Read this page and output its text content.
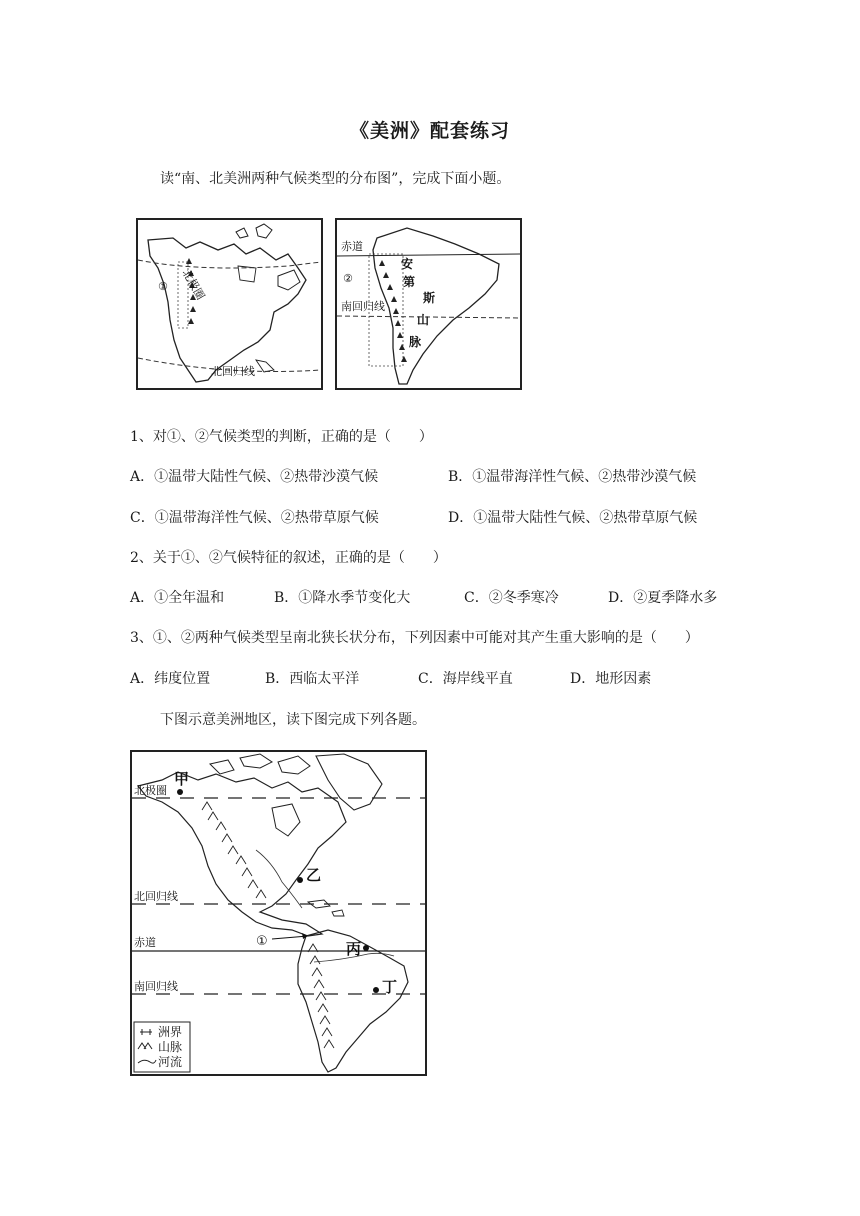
《美洲》配套练习
读“南、北美洲两种气候类型的分布图”，完成下面小题。
北极圈
北回归线
①
赤道
南回归线
②
安
第
斯
山
脉
1、对①、②气候类型的判断，正确的是（　　）
A．①温带大陆性气候、②热带沙漠气候	B．①温带海洋性气候、②热带沙漠气候
C．①温带海洋性气候、②热带草原气候	D．①温带大陆性气候、②热带草原气候
2、关于①、②气候特征的叙述，正确的是（　　）
A．①全年温和	B．①降水季节变化大	C．②冬季寒冷	D．②夏季降水多
3、①、②两种气候类型呈南北狭长状分布，下列因素中可能对其产生重大影响的是（　　）
A．纬度位置	B．西临太平洋	C．海岸线平直	D．地形因素
下图示意美洲地区，读下图完成下列各题。
北极圈
北回归线
赤道
南回归线
甲
乙
丙
丁
①
洲界
山脉
河流
